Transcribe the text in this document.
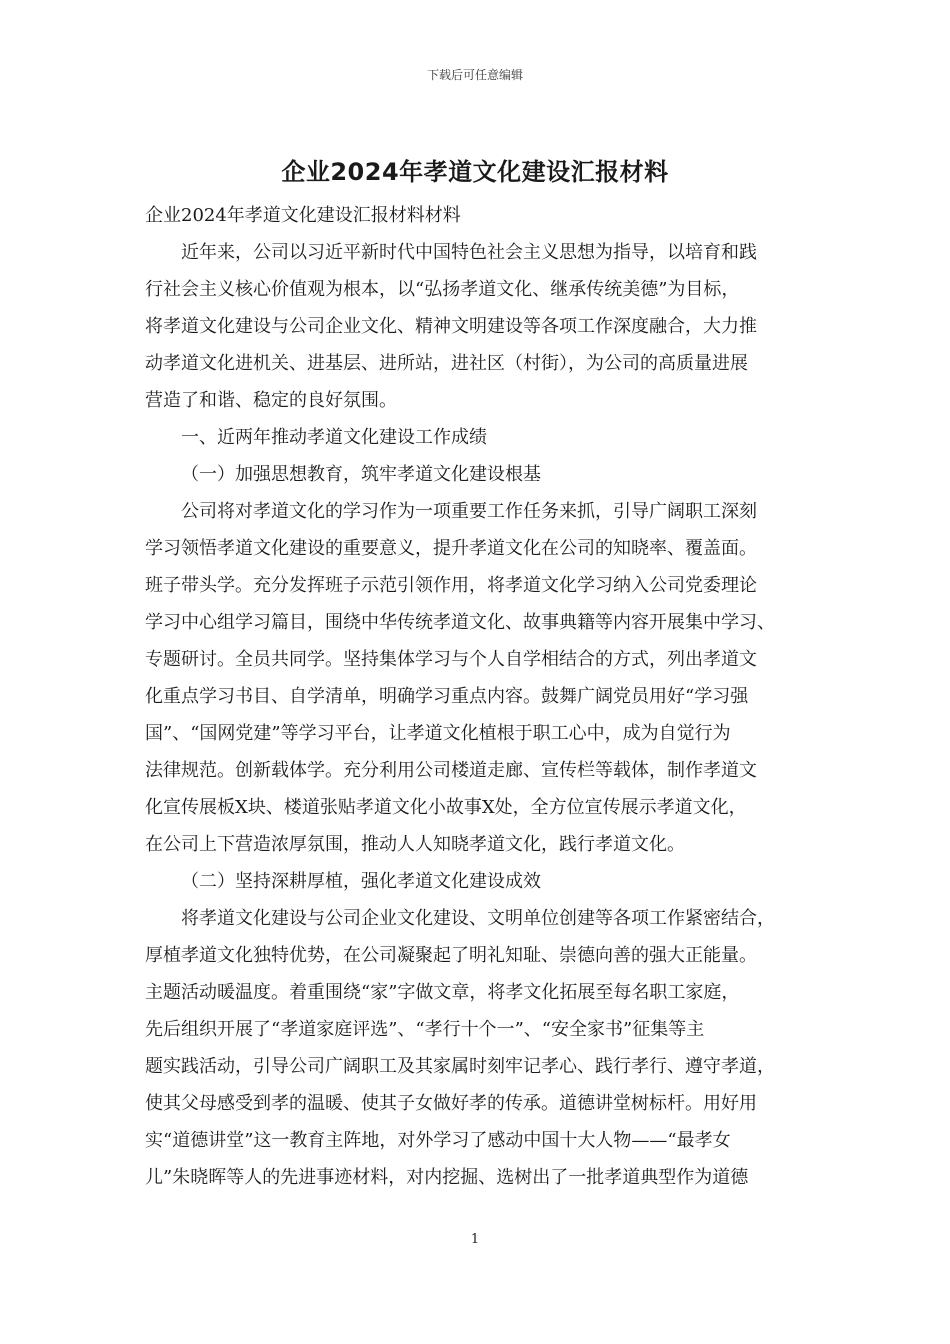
下载后可任意编辑
企业2024年孝道文化建设汇报材料
企业2024年孝道文化建设汇报材料材料
近年来，公司以习近平新时代中国特色社会主义思想为指导，以培育和践
行社会主义核心价值观为根本，以“弘扬孝道文化、继承传统美德”为目标，
将孝道文化建设与公司企业文化、精神文明建设等各项工作深度融合，大力推
动孝道文化进机关、进基层、进所站，进社区（村街），为公司的高质量进展
营造了和谐、稳定的良好氛围。
一、近两年推动孝道文化建设工作成绩
（一）加强思想教育，筑牢孝道文化建设根基
公司将对孝道文化的学习作为一项重要工作任务来抓，引导广阔职工深刻
学习领悟孝道文化建设的重要意义，提升孝道文化在公司的知晓率、覆盖面。
班子带头学。充分发挥班子示范引领作用，将孝道文化学习纳入公司党委理论
学习中心组学习篇目，围绕中华传统孝道文化、故事典籍等内容开展集中学习、
专题研讨。全员共同学。坚持集体学习与个人自学相结合的方式，列出孝道文
化重点学习书目、自学清单，明确学习重点内容。鼓舞广阔党员用好“学习强
国”、“国网党建”等学习平台，让孝道文化植根于职工心中，成为自觉行为
法律规范。创新载体学。充分利用公司楼道走廊、宣传栏等载体，制作孝道文
化宣传展板X块、楼道张贴孝道文化小故事X处，全方位宣传展示孝道文化，
在公司上下营造浓厚氛围，推动人人知晓孝道文化，践行孝道文化。
（二）坚持深耕厚植，强化孝道文化建设成效
将孝道文化建设与公司企业文化建设、文明单位创建等各项工作紧密结合，
厚植孝道文化独特优势，在公司凝聚起了明礼知耻、崇德向善的强大正能量。
主题活动暖温度。着重围绕“家”字做文章，将孝文化拓展至每名职工家庭，
先后组织开展了“孝道家庭评选”、“孝行十个一”、“安全家书”征集等主
题实践活动，引导公司广阔职工及其家属时刻牢记孝心、践行孝行、遵守孝道，
使其父母感受到孝的温暖、使其子女做好孝的传承。道德讲堂树标杆。用好用
实“道德讲堂”这一教育主阵地，对外学习了感动中国十大人物——“最孝女
儿”朱晓晖等人的先进事迹材料，对内挖掘、选树出了一批孝道典型作为道德
1
